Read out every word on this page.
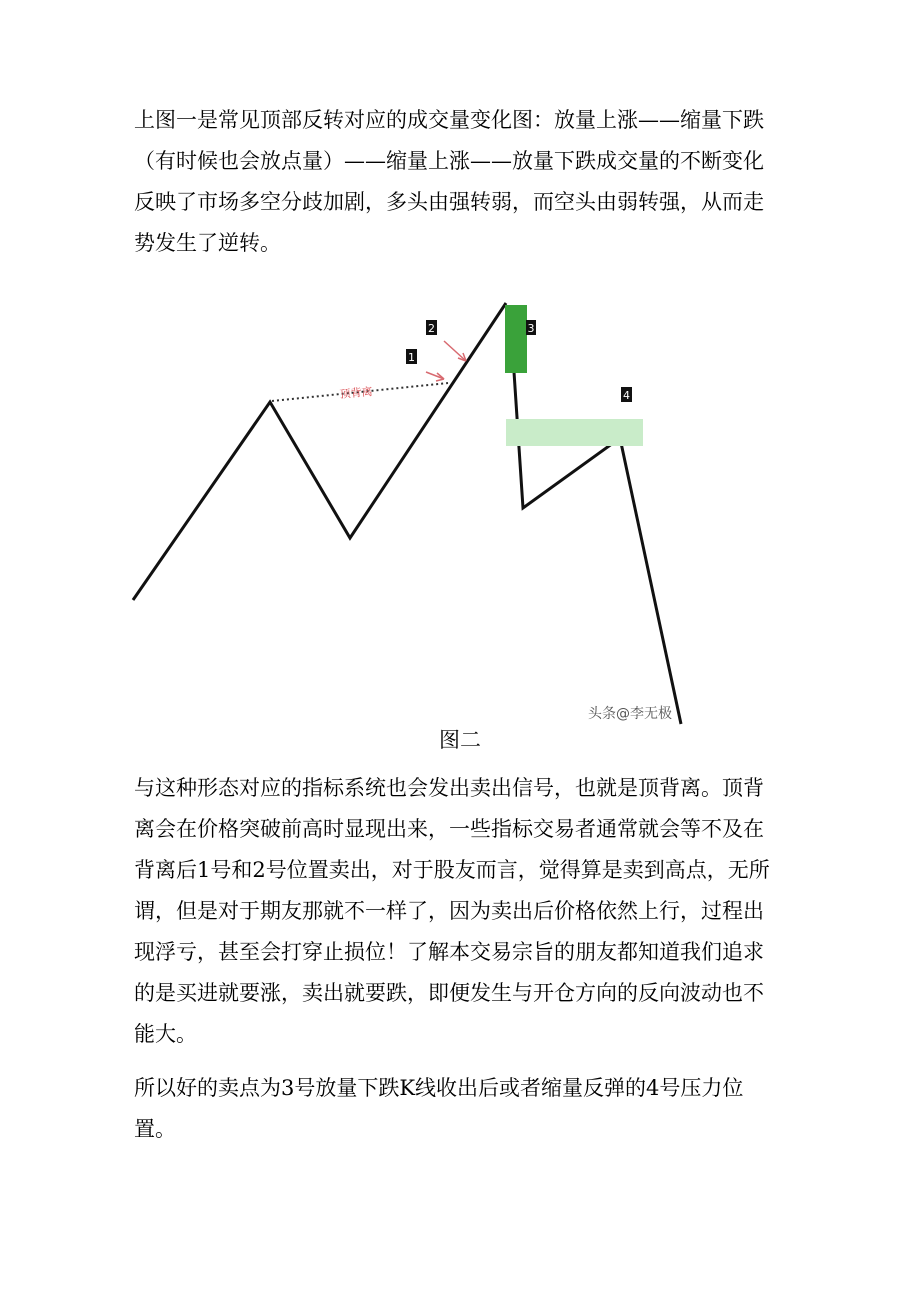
上图一是常见顶部反转对应的成交量变化图：放量上涨——缩量下跌（有时候也会放点量）——缩量上涨——放量下跌成交量的不断变化反映了市场多空分歧加剧，多头由强转弱，而空头由弱转强，从而走势发生了逆转。

顶背离
1
2	3
4
头条@李无极
图二

与这种形态对应的指标系统也会发出卖出信号，也就是顶背离。顶背离会在价格突破前高时显现出来，一些指标交易者通常就会等不及在背离后1号和2号位置卖出，对于股友而言，觉得算是卖到高点，无所谓，但是对于期友那就不一样了，因为卖出后价格依然上行，过程出现浮亏，甚至会打穿止损位！了解本交易宗旨的朋友都知道我们追求的是买进就要涨，卖出就要跌，即便发生与开仓方向的反向波动也不能大。

所以好的卖点为3号放量下跌K线收出后或者缩量反弹的4号压力位置。
